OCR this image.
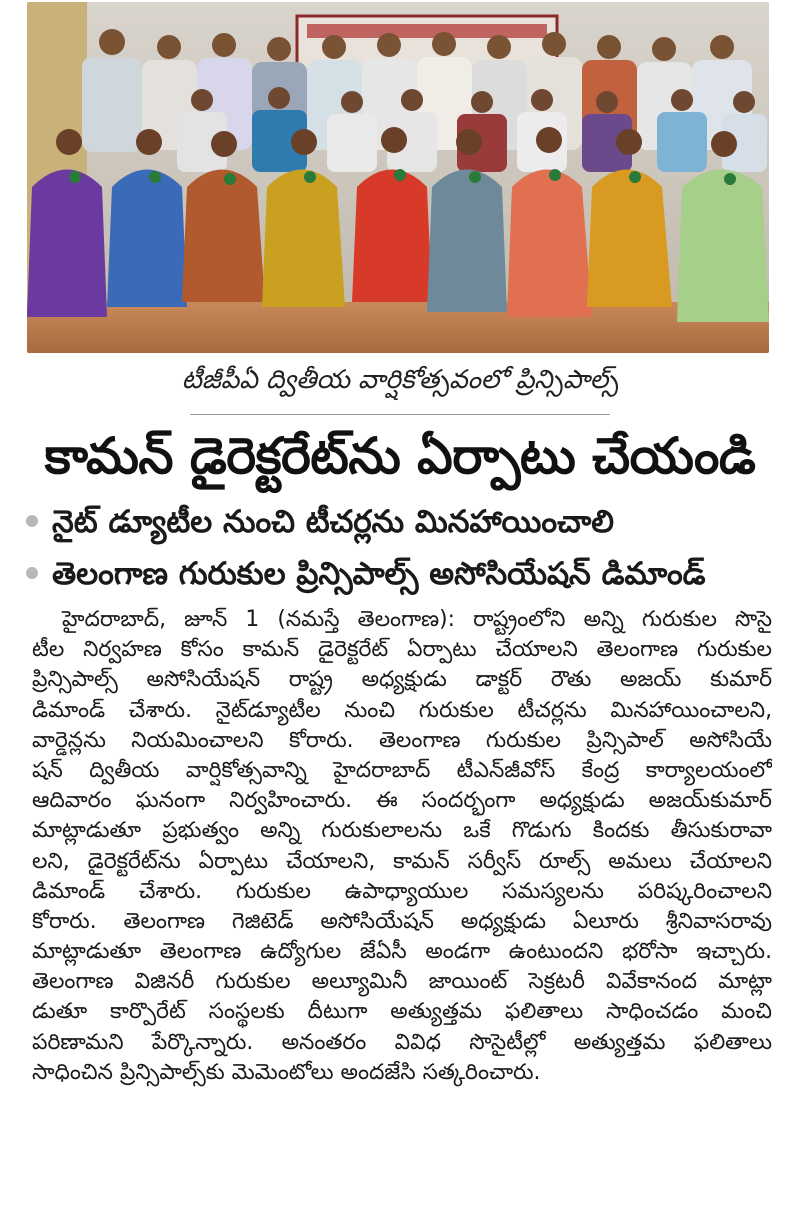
టీజీపీఏ ద్వితీయ వార్షికోత్సవంలో ప్రిన్సిపాల్స్
కామన్ డైరెక్టరేట్‌ను ఏర్పాటు చేయండి
నైట్ డ్యూటీల నుంచి టీచర్లను మినహాయించాలి
తెలంగాణ గురుకుల ప్రిన్సిపాల్స్ అసోసియేషన్ డిమాండ్
హైదరాబాద్, జూన్ 1 (నమస్తే తెలంగాణ): రాష్ట్రంలోని అన్ని గురుకుల సొసై
టీల నిర్వహణ కోసం కామన్ డైరెక్టరేట్ ఏర్పాటు చేయాలని తెలంగాణ గురుకుల
ప్రిన్సిపాల్స్ అసోసియేషన్ రాష్ట్ర అధ్యక్షుడు డాక్టర్ రౌతు అజయ్ కుమార్
డిమాండ్ చేశారు. నైట్‌డ్యూటీల నుంచి గురుకుల టీచర్లను మినహాయించాలని,
వార్డెన్లను నియమించాలని కోరారు. తెలంగాణ గురుకుల ప్రిన్సిపాల్ అసోసియే
షన్ ద్వితీయ వార్షికోత్సవాన్ని హైదరాబాద్ టీఎన్‌జీవోస్ కేంద్ర కార్యాలయంలో
ఆదివారం ఘనంగా నిర్వహించారు. ఈ సందర్భంగా అధ్యక్షుడు అజయ్‌కుమార్
మాట్లాడుతూ ప్రభుత్వం అన్ని గురుకులాలను ఒకే గొడుగు కిందకు తీసుకురావా
లని, డైరెక్టరేట్‌ను ఏర్పాటు చేయాలని, కామన్ సర్వీస్ రూల్స్ అమలు చేయాలని
డిమాండ్ చేశారు. గురుకుల ఉపాధ్యాయుల సమస్యలను పరిష్కరించాలని
కోరారు. తెలంగాణ గెజిటెడ్ అసోసియేషన్ అధ్యక్షుడు ఏలూరు శ్రీనివాసరావు
మాట్లాడుతూ తెలంగాణ ఉద్యోగుల జేఏసీ అండగా ఉంటుందని భరోసా ఇచ్చారు.
తెలంగాణ విజినరీ గురుకుల అల్యూమినీ జాయింట్ సెక్రటరీ వివేకానంద మాట్లా
డుతూ కార్పొరేట్ సంస్థలకు దీటుగా అత్యుత్తమ ఫలితాలు సాధించడం మంచి
పరిణామని పేర్కొన్నారు. అనంతరం వివిధ సొసైటీల్లో అత్యుత్తమ ఫలితాలు
సాధించిన ప్రిన్సిపాల్స్‌కు మెమెంటోలు అందజేసి సత్కరించారు.
